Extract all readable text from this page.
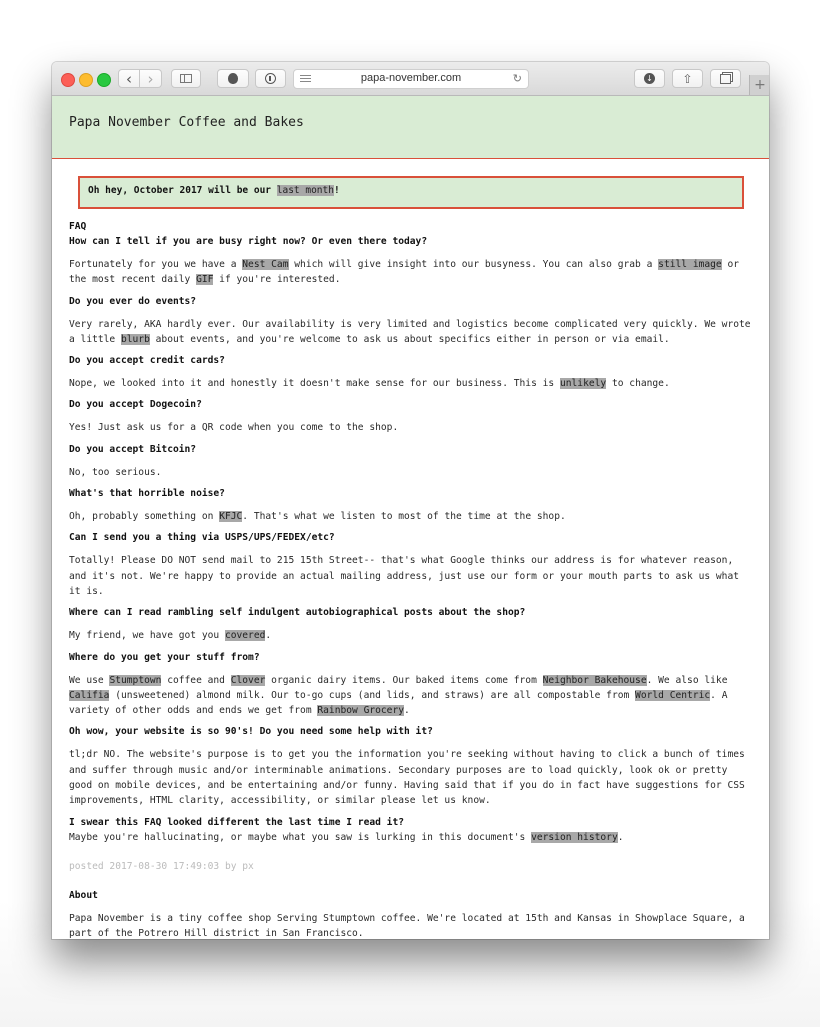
‹ ›	papa-november.com	↻	↓ ⇧	+
Papa November Coffee and Bakes
Oh hey, October 2017 will be our last month!
FAQ
How can I tell if you are busy right now? Or even there today?
Fortunately for you we have a Nest Cam which will give insight into our busyness. You can also grab a still image or the most recent daily GIF if you're interested.
Do you ever do events?
Very rarely, AKA hardly ever. Our availability is very limited and logistics become complicated very quickly. We wrote a little blurb about events, and you're welcome to ask us about specifics either in person or via email.
Do you accept credit cards?
Nope, we looked into it and honestly it doesn't make sense for our business. This is unlikely to change.
Do you accept Dogecoin?
Yes! Just ask us for a QR code when you come to the shop.
Do you accept Bitcoin?
No, too serious.
What's that horrible noise?
Oh, probably something on KFJC. That's what we listen to most of the time at the shop.
Can I send you a thing via USPS/UPS/FEDEX/etc?
Totally! Please DO NOT send mail to 215 15th Street-- that's what Google thinks our address is for whatever reason, and it's not. We're happy to provide an actual mailing address, just use our form or your mouth parts to ask us what it is.
Where can I read rambling self indulgent autobiographical posts about the shop?
My friend, we have got you covered.
Where do you get your stuff from?
We use Stumptown coffee and Clover organic dairy items. Our baked items come from Neighbor Bakehouse. We also like Califia (unsweetened) almond milk. Our to-go cups (and lids, and straws) are all compostable from World Centric. A variety of other odds and ends we get from Rainbow Grocery.
Oh wow, your website is so 90's! Do you need some help with it?
tl;dr NO. The website's purpose is to get you the information you're seeking without having to click a bunch of times and suffer through music and/or interminable animations. Secondary purposes are to load quickly, look ok or pretty good on mobile devices, and be entertaining and/or funny. Having said that if you do in fact have suggestions for CSS improvements, HTML clarity, accessibility, or similar please let us know.
I swear this FAQ looked different the last time I read it?
Maybe you're hallucinating, or maybe what you saw is lurking in this document's version history.
posted 2017-08-30 17:49:03 by px
About
Papa November is a tiny coffee shop Serving Stumptown coffee. We're located at 15th and Kansas in Showplace Square, a part of the Potrero Hill district in San Francisco.
